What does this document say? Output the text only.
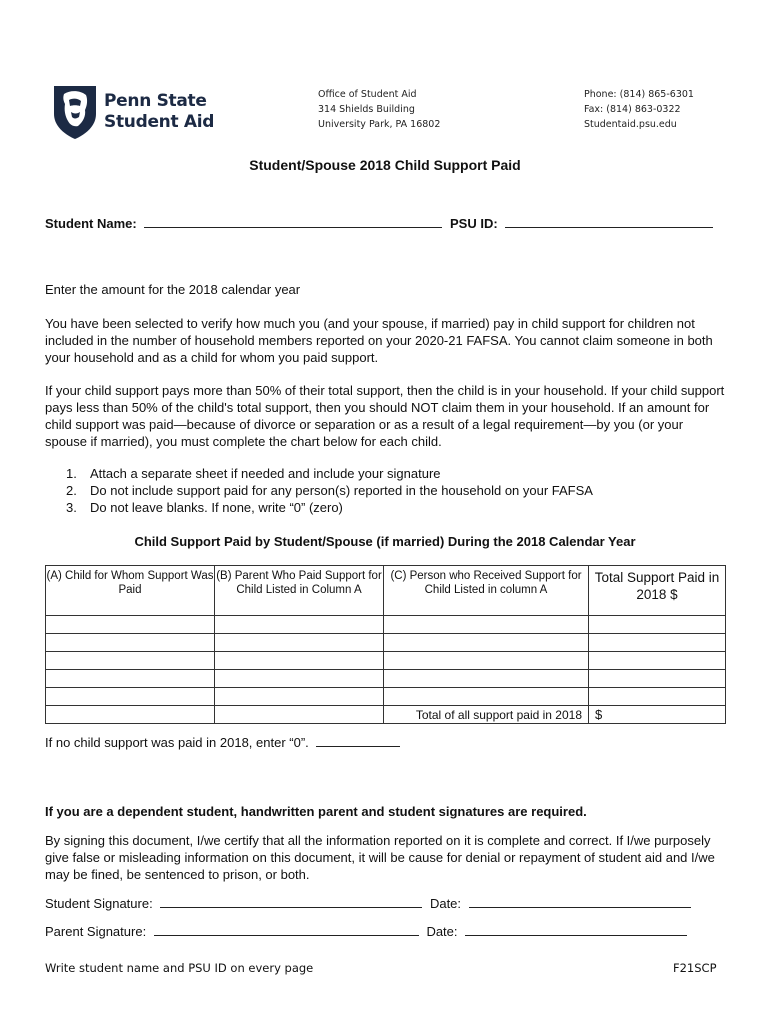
Penn State
Student Aid
Office of Student Aid
314 Shields Building
University Park, PA 16802
Phone: (814) 865-6301
Fax: (814) 863-0322
Studentaid.psu.edu
Student/Spouse 2018 Child Support Paid
Student Name:	PSU ID:
Enter the amount for the 2018 calendar year
You have been selected to verify how much you (and your spouse, if married) pay in child support for children not included in the number of household members reported on your 2020-21 FAFSA. You cannot claim someone in both your household and as a child for whom you paid support.
If your child support pays more than 50% of their total support, then the child is in your household. If your child support pays less than 50% of the child's total support, then you should NOT claim them in your household. If an amount for child support was paid—because of divorce or separation or as a result of a legal requirement—by you (or your spouse if married), you must complete the chart below for each child.
1. Attach a separate sheet if needed and include your signature
2. Do not include support paid for any person(s) reported in the household on your FAFSA
3. Do not leave blanks. If none, write “0” (zero)
Child Support Paid by Student/Spouse (if married) During the 2018 Calendar Year
(A) Child for Whom Support Was Paid	(B) Parent Who Paid Support for Child Listed in Column A	(C) Person who Received Support for Child Listed in column A	Total Support Paid in 2018 $

		Total of all support paid in 2018	$
If no child support was paid in 2018, enter “0”.
If you are a dependent student, handwritten parent and student signatures are required.
By signing this document, I/we certify that all the information reported on it is complete and correct. If I/we purposely give false or misleading information on this document, it will be cause for denial or repayment of student aid and I/we may be fined, be sentenced to prison, or both.
Student Signature:	Date:
Parent Signature:	Date:
Write student name and PSU ID on every page	F21SCP
